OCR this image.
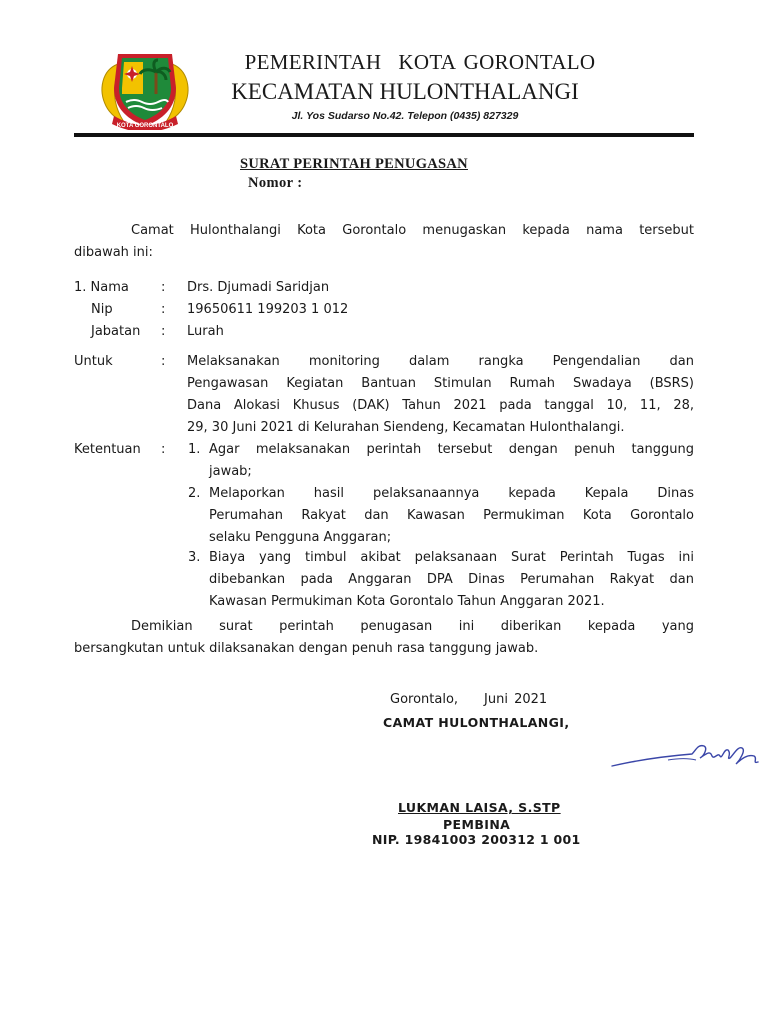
KOTA GORONTALO
PEMERINTAH  KOTA GORONTALO
KECAMATAN HULONTHALANGI
Jl. Yos Sudarso No.42. Telepon (0435) 827329
SURAT PERINTAH PENUGASAN
Nomor :
Camat Hulonthalangi Kota Gorontalo menugaskan kepada nama tersebut
dibawah ini:
1. Nama : Drs. Djumadi Saridjan
Nip	: 19650611 199203 1 012
Jabatan : Lurah
Untuk	: Melaksanakan monitoring dalam rangka Pengendalian dan
Pengawasan Kegiatan Bantuan Stimulan Rumah Swadaya (BSRS)
Dana Alokasi Khusus (DAK) Tahun 2021 pada tanggal 10, 11, 28,
29, 30 Juni 2021 di Kelurahan Siendeng, Kecamatan Hulonthalangi.
Ketentuan : 1. Agar melaksanakan perintah tersebut dengan penuh tanggung
jawab;
2. Melaporkan hasil pelaksanaannya kepada Kepala Dinas
Perumahan Rakyat dan Kawasan Permukiman Kota Gorontalo
selaku Pengguna Anggaran;
3. Biaya yang timbul akibat pelaksanaan Surat Perintah Tugas ini
dibebankan pada Anggaran DPA Dinas Perumahan Rakyat dan
Kawasan Permukiman Kota Gorontalo Tahun Anggaran 2021.
Demikian surat perintah penugasan ini diberikan kepada yang
bersangkutan untuk dilaksanakan dengan penuh rasa tanggung jawab.
Gorontalo, Juni 2021
CAMAT HULONTHALANGI,
LUKMAN LAISA, S.STP
PEMBINA
NIP. 19841003 200312 1 001
